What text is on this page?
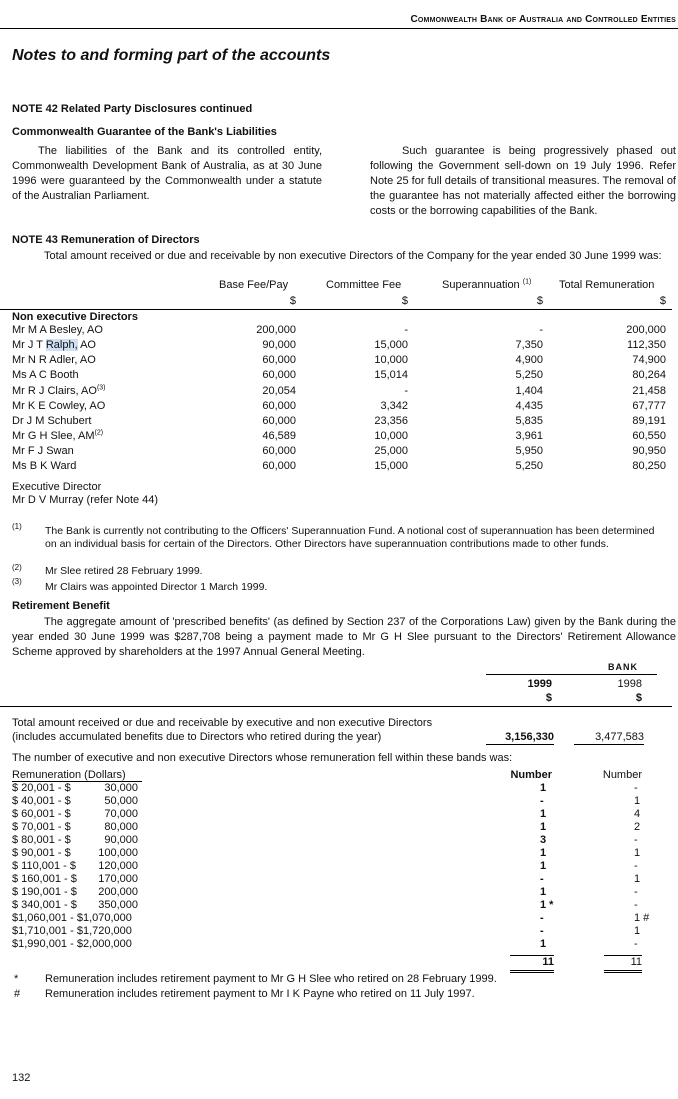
Commonwealth Bank of Australia and Controlled Entities
Notes to and forming part of the accounts
NOTE 42 Related Party Disclosures continued
Commonwealth Guarantee of the Bank's Liabilities
The liabilities of the Bank and its controlled entity, Commonwealth Development Bank of Australia, as at 30 June 1996 were guaranteed by the Commonwealth under a statute of the Australian Parliament.
Such guarantee is being progressively phased out following the Government sell-down on 19 July 1996. Refer Note 25 for full details of transitional measures. The removal of the guarantee has not materially affected either the borrowing costs or the borrowing capabilities of the Bank.
NOTE 43 Remuneration of Directors
Total amount received or due and receivable by non executive Directors of the Company for the year ended 30 June 1999 was:
Base Fee/Pay	Committee Fee	Superannuation $^{(1)}$	Total Remuneration
$	$	$	$
Non executive Directors
Mr M A Besley, AO	200,000	-	-	200,000
Mr J T Ralph, AO	90,000	15,000	7,350	112,350
Mr N R Adler, AO	60,000	10,000	4,900	74,900
Ms A C Booth	60,000	15,014	5,250	80,264
Mr R J Clairs, AO$^{(3)}$	20,054	-	1,404	21,458
Mr K E Cowley, AO	60,000	3,342	4,435	67,777
Dr J M Schubert	60,000	23,356	5,835	89,191
Mr G H Slee, AM$^{(2)}$	46,589	10,000	3,961	60,550
Mr F J Swan	60,000	25,000	5,950	90,950
Ms B K Ward	60,000	15,000	5,250	80,250
Executive Director
Mr D V Murray (refer Note 44)
(1) The Bank is currently not contributing to the Officers' Superannuation Fund. A notional cost of superannuation has been determined on an individual basis for certain of the Directors. Other Directors have superannuation contributions made to other funds.
(2) Mr Slee retired 28 February 1999.
(3) Mr Clairs was appointed Director 1 March 1999.
Retirement Benefit
The aggregate amount of 'prescribed benefits' (as defined by Section 237 of the Corporations Law) given by the Bank during the year ended 30 June 1999 was $287,708 being a payment made to Mr G H Slee pursuant to the Directors' Retirement Allowance Scheme approved by shareholders at the 1997 Annual General Meeting.
BANK
1999	1998
$	$
Total amount received or due and receivable by executive and non executive Directors
(includes accumulated benefits due to Directors who retired during the year)	3,156,330	3,477,583
The number of executive and non executive Directors whose remuneration fell within these bands was:
Remuneration (Dollars)	Number	Number
$ 20,001 - $	30,000	1	-
$ 40,001 - $	50,000	-	1
$ 60,001 - $	70,000	1	4
$ 70,001 - $	80,000	1	2
$ 80,001 - $	90,000	3	-
$ 90,001 - $	100,000	1	1
$ 110,001 - $	120,000	1	-
$ 160,001 - $	170,000	-	1
$ 190,001 - $	200,000	1	-
$ 340,001 - $	350,000	1 *	-
$1,060,001 - $1,070,000	-	1 #
$1,710,001 - $1,720,000	-	1
$1,990,001 - $2,000,000	1	-
11	11
* Remuneration includes retirement payment to Mr G H Slee who retired on 28 February 1999.
# Remuneration includes retirement payment to Mr I K Payne who retired on 11 July 1997.
132
